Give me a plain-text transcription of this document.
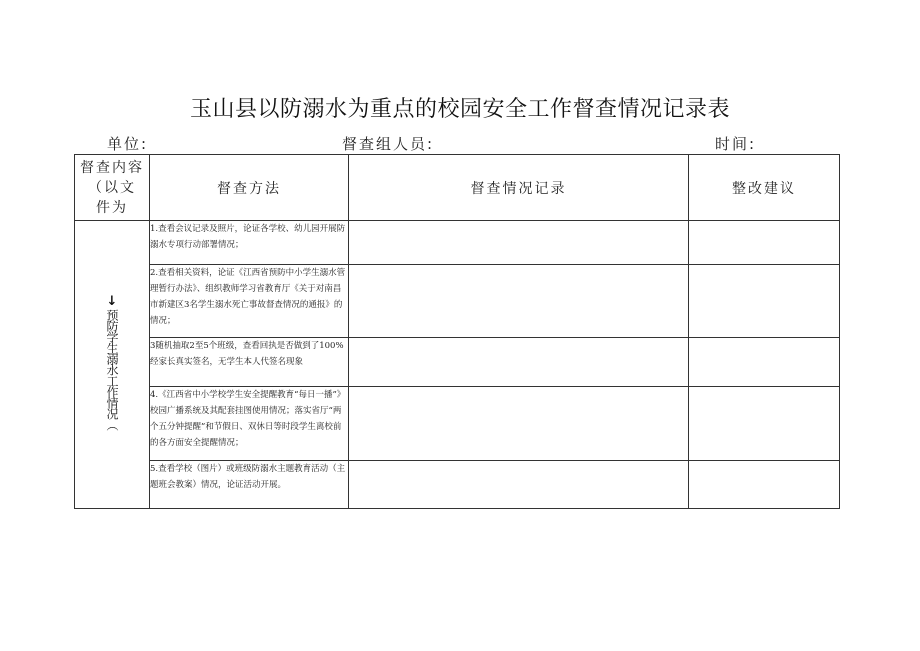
玉山县以防溺水为重点的校园安全工作督查情况记录表
单位:	督查组人员:	时间:
督查内容
（以文
件为	督查方法	督查情况记录	整改建议

↓
预防学生溺水工作情况（	1.查看会议记录及照片，论证各学校、幼儿园开展防溺水专项行动部署情况；		
	2.查看相关资料，论证《江西省预防中小学生溺水管理暂行办法》、组织教师学习省教育厅《关于对南昌市新建区3名学生溺水死亡事故督查情况的通报》的情况；		
	3随机抽取2至5个班级，查看回执是否做到了100%经家长真实签名，无学生本人代签名现象		
	4.《江西省中小学校学生安全提醒教育“每日一播”》校园广播系统及其配套挂图使用情况；落实省厅“两个五分钟提醒”和节假日、双休日等时段学生离校前的各方面安全提醒情况；		
	5.查看学校（图片）或班级防溺水主题教育活动（主题班会教案）情况，论证活动开展。		
